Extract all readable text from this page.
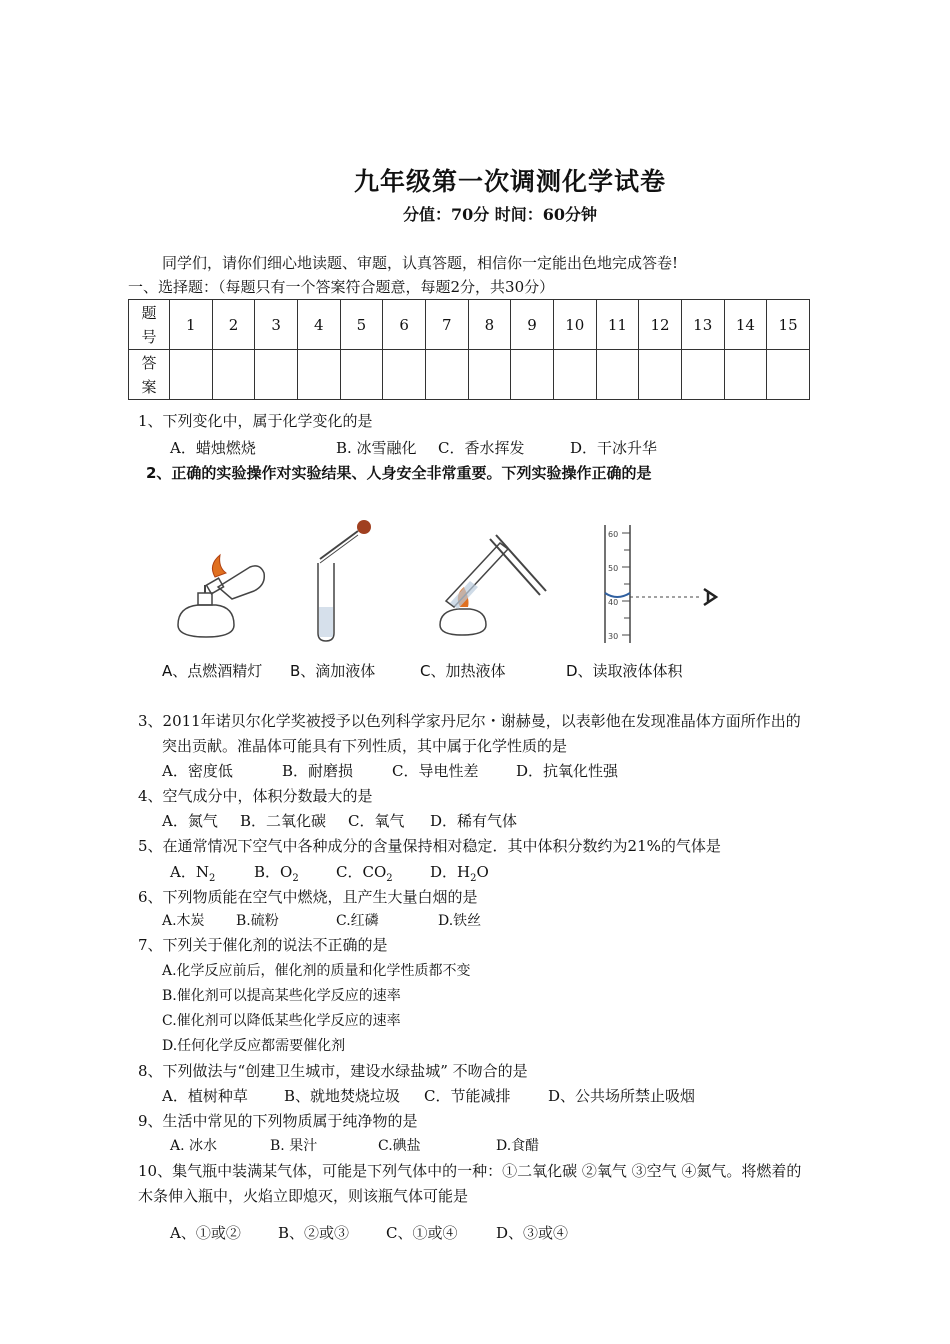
九年级第一次调测化学试卷
分值：70分 时间：60分钟
同学们，请你们细心地读题、审题，认真答题，相信你一定能出色地完成答卷!
一、选择题：（每题只有一个答案符合题意，每题2分，共30分）
题
号	1	2	3	4	5	6	7	8	9	10	11	12	13	14	15

答
案															

1、下列变化中，属于化学变化的是
A．蜡烛燃烧	B. 冰雪融化 C．香水挥发	D．干冰升华
2、正确的实验操作对实验结果、人身安全非常重要。下列实验操作正确的是
60
50
40
30
A、点燃酒精灯 B、滴加液体	C、加热液体	D、读取液体体积
3、2011年诺贝尔化学奖被授予以色列科学家丹尼尔・谢赫曼，以表彰他在发现准晶体方面所作出的
突出贡献。准晶体可能具有下列性质，其中属于化学性质的是
A．密度低	B．耐磨损	C．导电性差	D．抗氧化性强
4、空气成分中，体积分数最大的是
A．氮气 B．二氧化碳 C．氧气 D．稀有气体
5、在通常情况下空气中各种成分的含量保持相对稳定．其中体积分数约为21%的气体是
A．$N_2$	B．$O_2$ C．$CO_2$ D．$H_2O$
6、下列物质能在空气中燃烧，且产生大量白烟的是
A.木炭 B.硫粉	C.红磷	D.铁丝
7、下列关于催化剂的说法不正确的是
A.化学反应前后，催化剂的质量和化学性质都不变
B.催化剂可以提高某些化学反应的速率
C.催化剂可以降低某些化学反应的速率
D.任何化学反应都需要催化剂
8、下列做法与“创建卫生城市，建设水绿盐城” 不吻合的是
A．植树种草 B、就地焚烧垃圾 C．节能减排	D、公共场所禁止吸烟
9、生活中常见的下列物质属于纯净物的是
A. 冰水	B. 果汁	C.碘盐	D.食醋
10、集气瓶中装满某气体，可能是下列气体中的一种：①二氧化碳 ②氧气 ③空气 ④氮气。将燃着的
木条伸入瓶中，火焰立即熄灭，则该瓶气体可能是
A、①或② B、②或③ C、①或④	D、③或④
